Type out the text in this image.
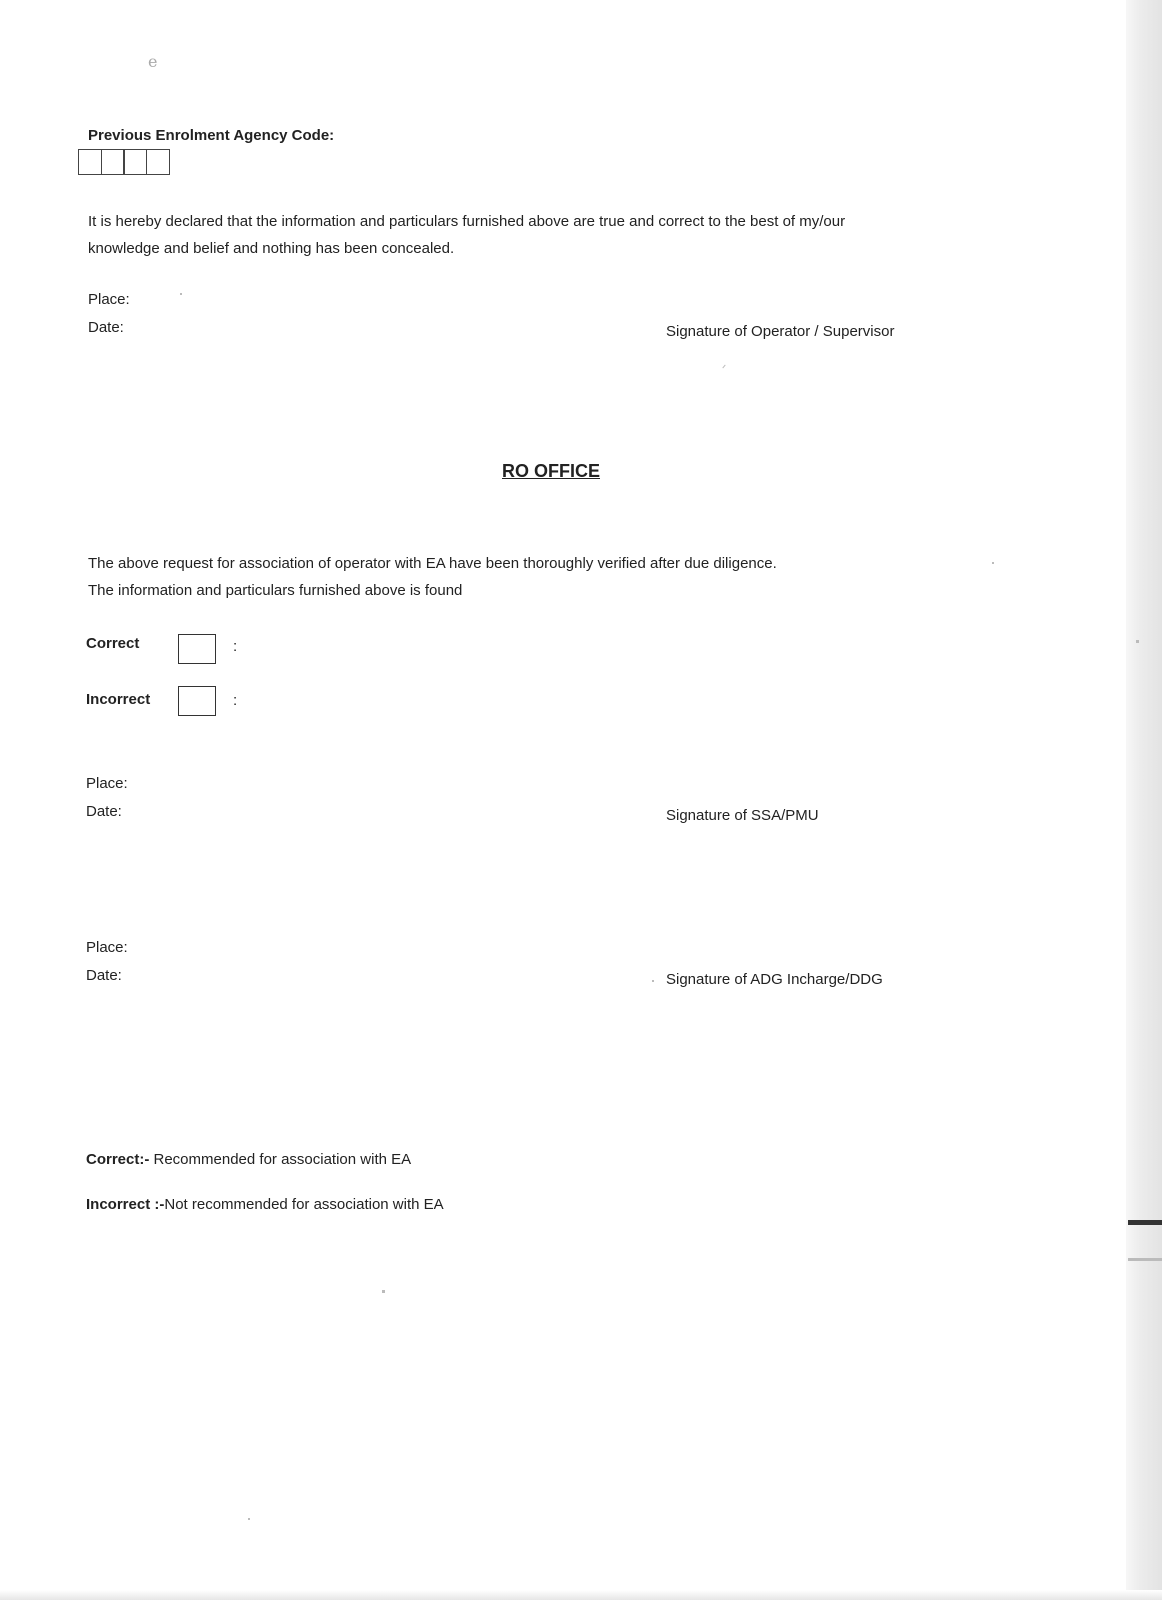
e
Previous Enrolment Agency Code:
It is hereby declared that the information and particulars furnished above are true and correct to the best of my/our
knowledge and belief and nothing has been concealed.
Place:
Date:	Signature of Operator / Supervisor
RO OFFICE
The above request for association of operator with EA have been thoroughly verified after due diligence.
The information and particulars furnished above is found
Correct	:
Incorrect	:
Place:
Date:	Signature of SSA/PMU
Place:
Date:	Signature of ADG Incharge/DDG
Correct:- Recommended for association with EA
Incorrect :-Not recommended for association with EA
